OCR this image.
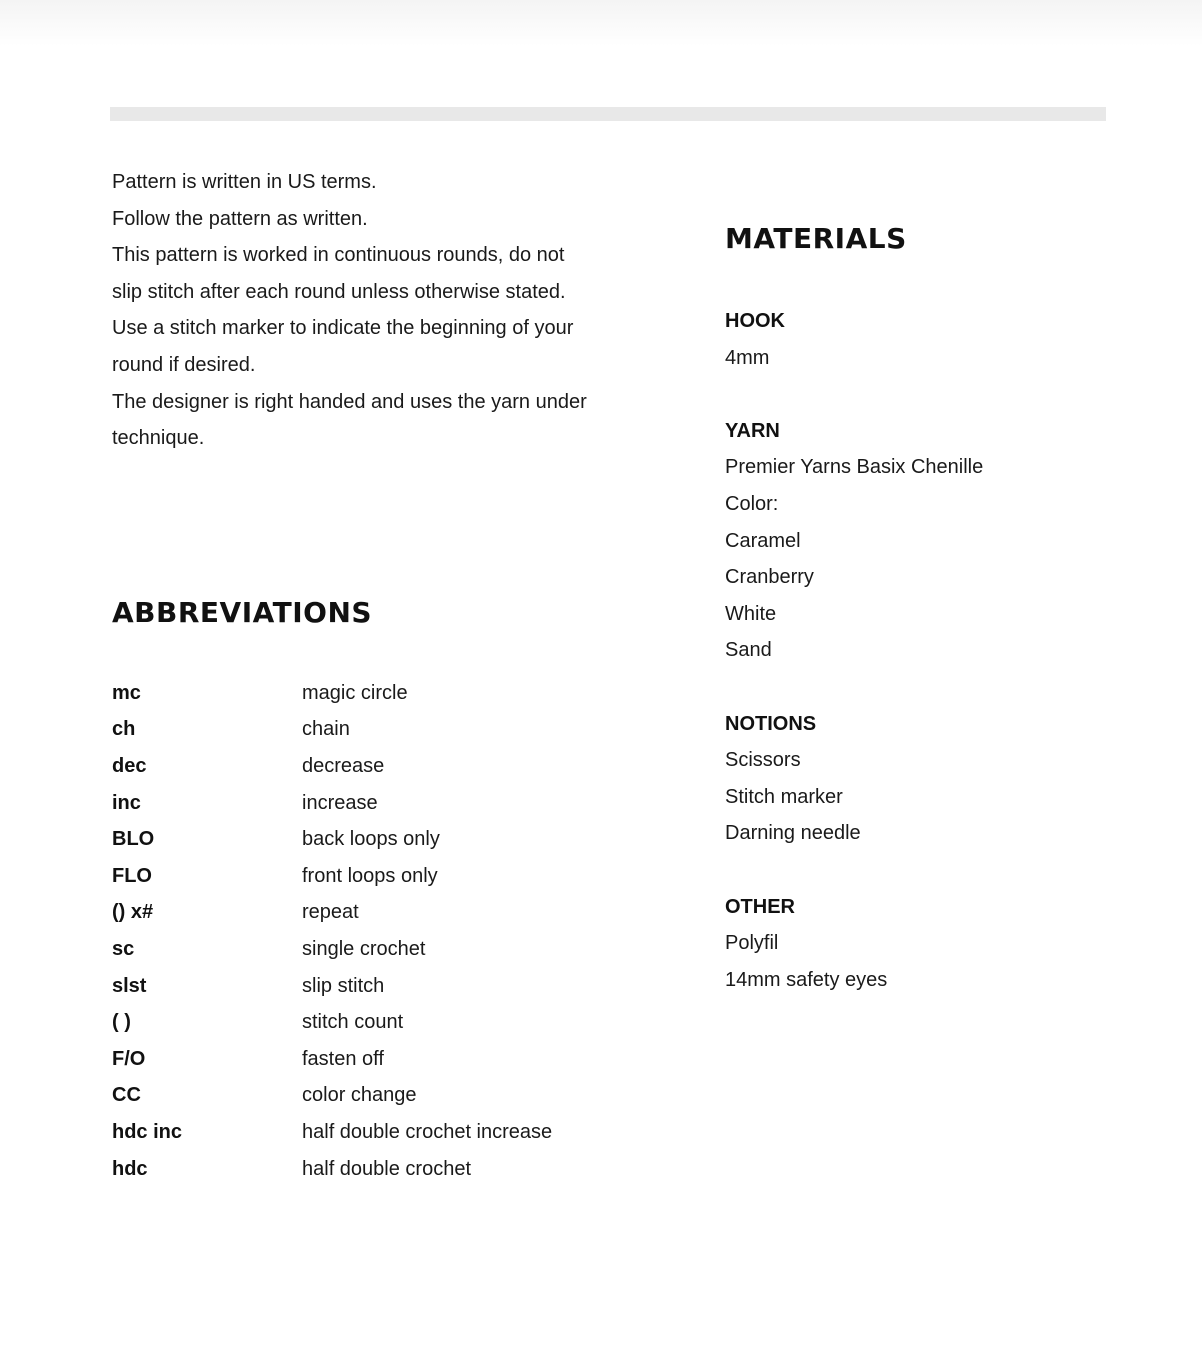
Pattern is written in US terms.
Follow the pattern as written.
This pattern is worked in continuous rounds, do not
slip stitch after each round unless otherwise stated.
Use a stitch marker to indicate the beginning of your
round if desired.
The designer is right handed and uses the yarn under
technique.
ABBREVIATIONS
mc	magic circle
ch	chain
dec	decrease
inc	increase
BLO	back loops only
FLO	front loops only
() x#	repeat
sc	single crochet
slst	slip stitch
( )	stitch count
F/O	fasten off
CC	color change
hdc inc	half double crochet increase
hdc	half double crochet
MATERIALS
HOOK
4mm
YARN
Premier Yarns Basix Chenille
Color:
Caramel
Cranberry
White
Sand
NOTIONS
Scissors
Stitch marker
Darning needle
OTHER
Polyfil
14mm safety eyes
